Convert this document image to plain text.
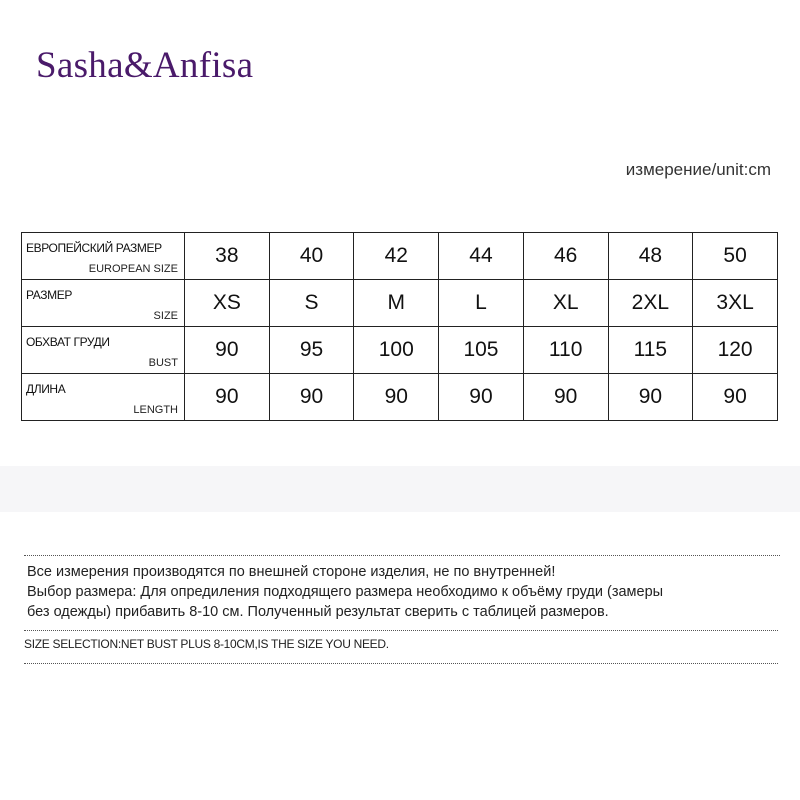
Sasha&Anfisa
измерение/unit:cm
ЕВРОПЕЙСКИЙ РАЗМЕР
EUROPEAN SIZE	38	40	42	44	46	48	50

РАЗМЕР
SIZE	XS	S	M	L	XL	2XL	3XL

ОБХВАТ ГРУДИ
BUST	90	95	100	105	110	115	120

ДЛИНА
LENGTH	90	90	90	90	90	90	90
Все измерения производятся по внешней стороне изделия, не по внутренней!
Выбор размера: Для опредиления подходящего размера необходимо к объёму груди (замеры
без одежды) прибавить 8-10 см. Полученный результат сверить с таблицей размеров.
SIZE SELECTION:NET BUST PLUS 8-10CM,IS THE SIZE YOU NEED.
